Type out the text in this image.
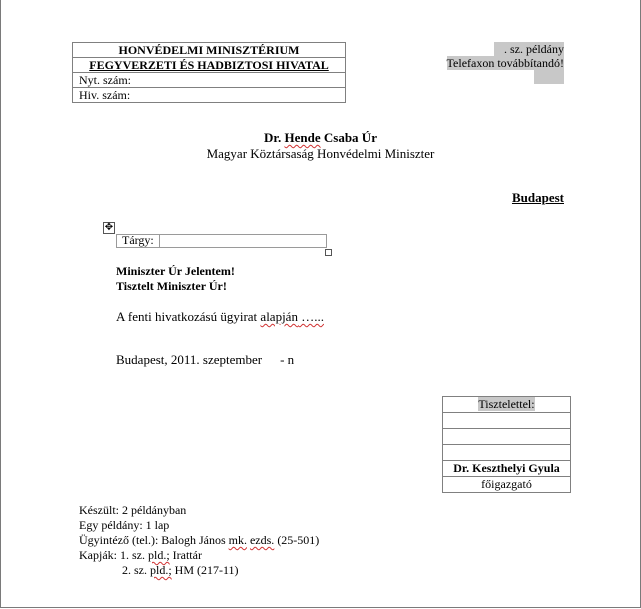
HONVÉDELMI MINISZTÉRIUM
FEGYVERZETI ÉS HADBIZTOSI HIVATAL
Nyt. szám:
Hiv. szám:
. sz. példány
Telefaxon továbbítandó!
Dr. Hende Csaba Úr
Magyar Köztársaság Honvédelmi Miniszter
Budapest
✥
Tárgy:
Miniszter Úr Jelentem!
Tisztelt Miniszter Úr!
A fenti hivatkozású ügyirat alapján …...
Budapest, 2011. szeptember - n
Tisztelettel:
Dr. Keszthelyi Gyula
főigazgató
Készült: 2 példányban
Egy példány: 1 lap
Ügyintéző (tel.): Balogh János mk. ezds. (25-501)
Kapják: 1. sz. pld.; Irattár
2. sz. pld.; HM (217-11)
